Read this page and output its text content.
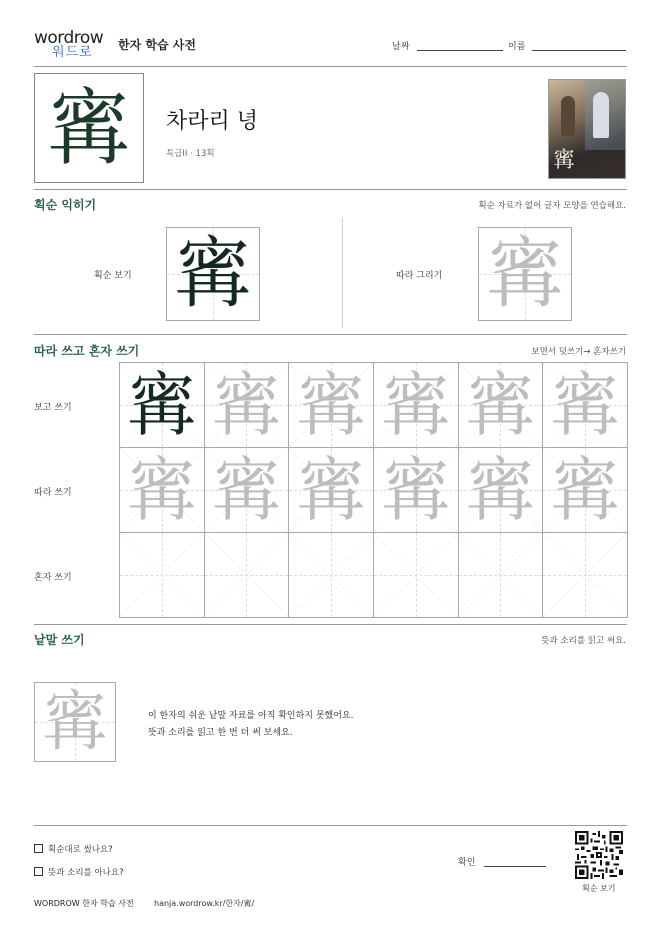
wordrow
워드로 한자 학습 사전	날짜	이름
寗	차라리 녕
특급II · 13획	寗
획순 익히기	획순 자료가 없어 글자 모양을 연습해요.
획순 보기 寗	따라 그리기 寗
따라 쓰고 혼자 쓰기	보면서 덧쓰기→ 혼자쓰기
보고 쓰기
따라 쓰기
혼자 쓰기
寗 寗 寗 寗 寗 寗
寗 寗 寗 寗 寗 寗
낱말 쓰기	뜻과 소리를 읽고 써요.
寗	이 한자의 쉬운 낱말 자료를 아직 확인하지 못했어요.
뜻과 소리를 읽고 한 번 더 써 보세요.
획순대로 썼나요?
뜻과 소리를 아나요?
확인
획순 보기
WORDROW 한자 학습 사전	hanja.wordrow.kr/한자/寗/
